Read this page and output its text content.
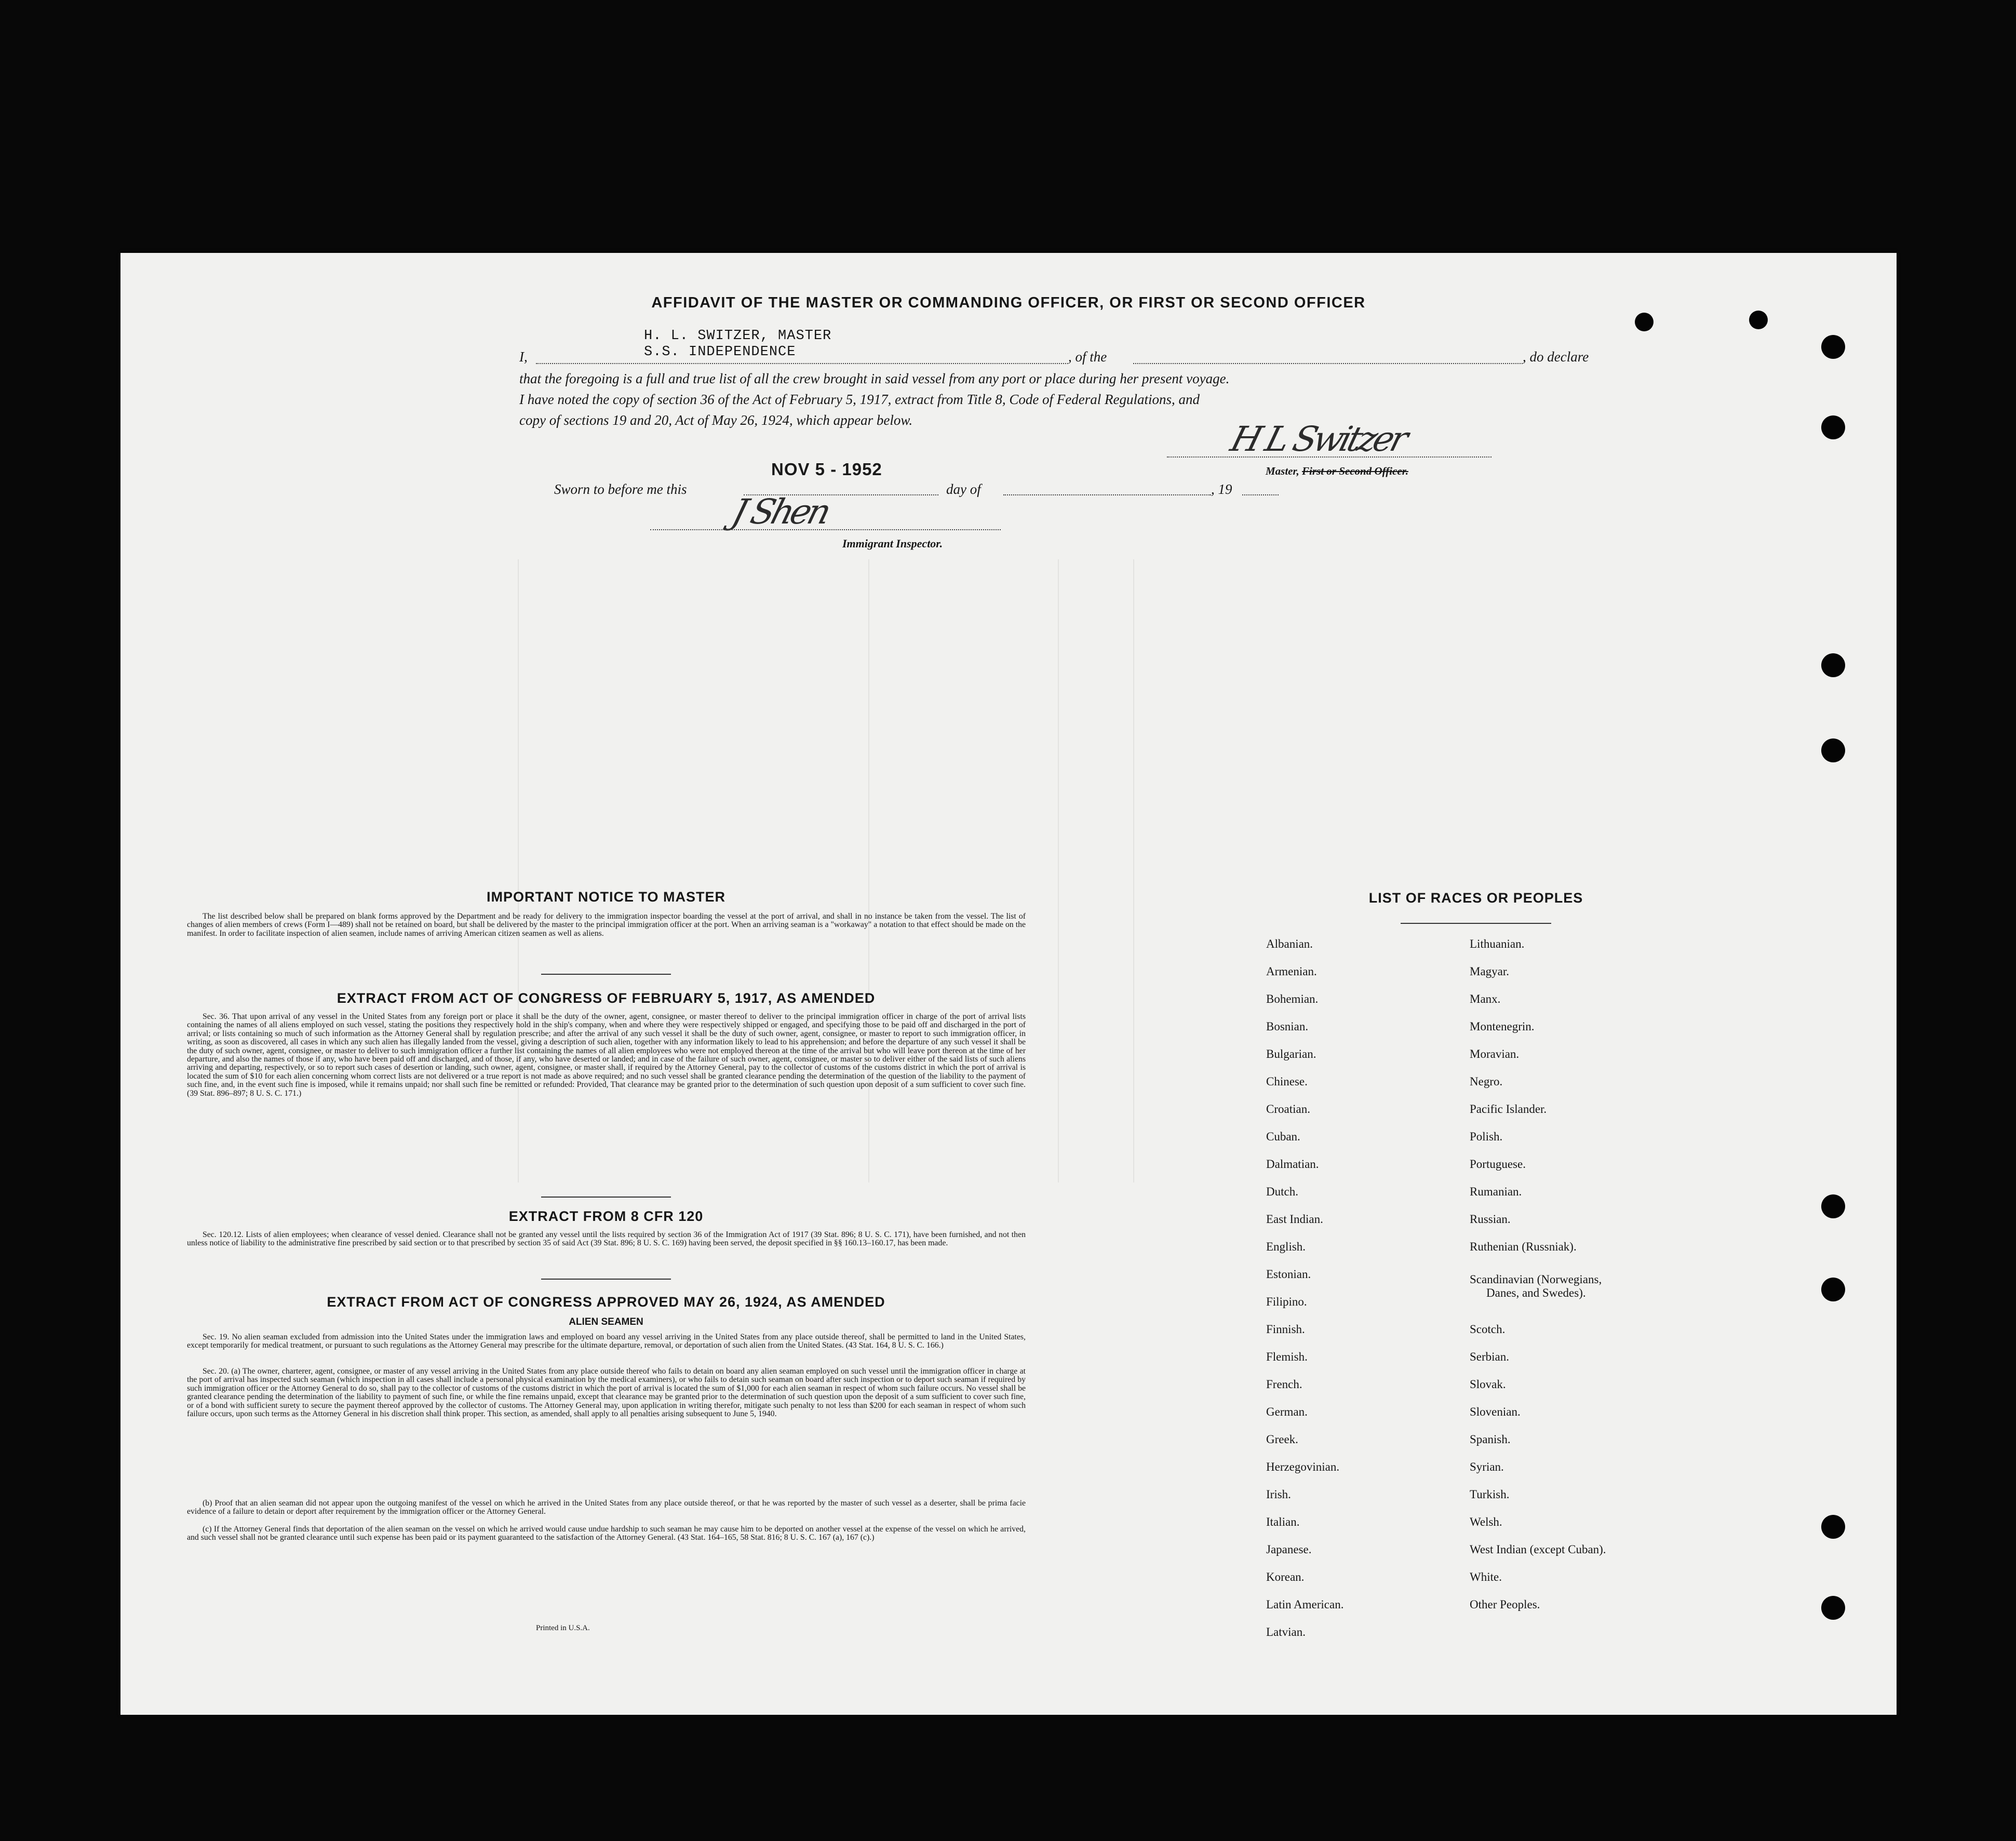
AFFIDAVIT OF THE MASTER OR COMMANDING OFFICER, OR FIRST OR SECOND OFFICER
H. L. SWITZER, MASTER
S.S. INDEPENDENCE
I,	, of the	, do declare
that the foregoing is a full and true list of all the crew brought in said vessel from any port or place during her present voyage.
I have noted the copy of section 36 of the Act of February 5, 1917, extract from Title 8, Code of Federal Regulations, and
copy of sections 19 and 20, Act of May 26, 1924, which appear below.	H L Switzer
Master, First or Second Officer.
NOV 5 - 1952
Sworn to before me this	day of	, 19
J Shen
Immigrant Inspector.
IMPORTANT NOTICE TO MASTER
The list described below shall be prepared on blank forms approved by the Department and be ready for delivery to the immigration inspector boarding the vessel at the port of arrival, and shall in no instance be taken from the vessel. The list of changes of alien members of crews (Form I—489) shall not be retained on board, but shall be delivered by the master to the principal immigration officer at the port. When an arriving seaman is a "workaway" a notation to that effect should be made on the manifest. In order to facilitate inspection of alien seamen, include names of arriving American citizen seamen as well as aliens.
EXTRACT FROM ACT OF CONGRESS OF FEBRUARY 5, 1917, AS AMENDED
Sec. 36. That upon arrival of any vessel in the United States from any foreign port or place it shall be the duty of the owner, agent, consignee, or master thereof to deliver to the principal immigration officer in charge of the port of arrival lists containing the names of all aliens employed on such vessel, stating the positions they respectively hold in the ship's company, when and where they were respectively shipped or engaged, and specifying those to be paid off and discharged in the port of arrival; or lists containing so much of such information as the Attorney General shall by regulation prescribe; and after the arrival of any such vessel it shall be the duty of such owner, agent, consignee, or master to report to such immigration officer, in writing, as soon as discovered, all cases in which any such alien has illegally landed from the vessel, giving a description of such alien, together with any information likely to lead to his apprehension; and before the departure of any such vessel it shall be the duty of such owner, agent, consignee, or master to deliver to such immigration officer a further list containing the names of all alien employees who were not employed thereon at the time of the arrival but who will leave port thereon at the time of her departure, and also the names of those if any, who have been paid off and discharged, and of those, if any, who have deserted or landed; and in case of the failure of such owner, agent, consignee, or master so to deliver either of the said lists of such aliens arriving and departing, respectively, or so to report such cases of desertion or landing, such owner, agent, consignee, or master shall, if required by the Attorney General, pay to the collector of customs of the customs district in which the port of arrival is located the sum of $10 for each alien concerning whom correct lists are not delivered or a true report is not made as above required; and no such vessel shall be granted clearance pending the determination of the question of the liability to the payment of such fine, and, in the event such fine is imposed, while it remains unpaid; nor shall such fine be remitted or refunded: Provided, That clearance may be granted prior to the determination of such question upon deposit of a sum sufficient to cover such fine. (39 Stat. 896–897; 8 U. S. C. 171.)
EXTRACT FROM 8 CFR 120
Sec. 120.12. Lists of alien employees; when clearance of vessel denied. Clearance shall not be granted any vessel until the lists required by section 36 of the Immigration Act of 1917 (39 Stat. 896; 8 U. S. C. 171), have been furnished, and not then unless notice of liability to the administrative fine prescribed by said section or to that prescribed by section 35 of said Act (39 Stat. 896; 8 U. S. C. 169) having been served, the deposit specified in §§ 160.13–160.17, has been made.
EXTRACT FROM ACT OF CONGRESS APPROVED MAY 26, 1924, AS AMENDED
ALIEN SEAMEN
Sec. 19. No alien seaman excluded from admission into the United States under the immigration laws and employed on board any vessel arriving in the United States from any place outside thereof, shall be permitted to land in the United States, except temporarily for medical treatment, or pursuant to such regulations as the Attorney General may prescribe for the ultimate departure, removal, or deportation of such alien from the United States. (43 Stat. 164, 8 U. S. C. 166.)
Sec. 20. (a) The owner, charterer, agent, consignee, or master of any vessel arriving in the United States from any place outside thereof who fails to detain on board any alien seaman employed on such vessel until the immigration officer in charge at the port of arrival has inspected such seaman (which inspection in all cases shall include a personal physical examination by the medical examiners), or who fails to detain such seaman on board after such inspection or to deport such seaman if required by such immigration officer or the Attorney General to do so, shall pay to the collector of customs of the customs district in which the port of arrival is located the sum of $1,000 for each alien seaman in respect of whom such failure occurs. No vessel shall be granted clearance pending the determination of the liability to payment of such fine, or while the fine remains unpaid, except that clearance may be granted prior to the determination of such question upon the deposit of a sum sufficient to cover such fine, or of a bond with sufficient surety to secure the payment thereof approved by the collector of customs. The Attorney General may, upon application in writing therefor, mitigate such penalty to not less than $200 for each seaman in respect of whom such failure occurs, upon such terms as the Attorney General in his discretion shall think proper. This section, as amended, shall apply to all penalties arising subsequent to June 5, 1940.
(b) Proof that an alien seaman did not appear upon the outgoing manifest of the vessel on which he arrived in the United States from any place outside thereof, or that he was reported by the master of such vessel as a deserter, shall be prima facie evidence of a failure to detain or deport after requirement by the immigration officer or the Attorney General.
(c) If the Attorney General finds that deportation of the alien seaman on the vessel on which he arrived would cause undue hardship to such seaman he may cause him to be deported on another vessel at the expense of the vessel on which he arrived, and such vessel shall not be granted clearance until such expense has been paid or its payment guaranteed to the satisfaction of the Attorney General. (43 Stat. 164–165, 58 Stat. 816; 8 U. S. C. 167 (a), 167 (c).)
Printed in U.S.A.
LIST OF RACES OR PEOPLES
Albanian.
Armenian.
Bohemian.
Bosnian.
Bulgarian.
Chinese.
Croatian.
Cuban.
Dalmatian.
Dutch.
East Indian.
English.
Estonian.
Filipino.
Finnish.
Flemish.
French.
German.
Greek.
Herzegovinian.
Irish.
Italian.
Japanese.
Korean.
Latin American.
Latvian.
Lithuanian.
Magyar.
Manx.
Montenegrin.
Moravian.
Negro.
Pacific Islander.
Polish.
Portuguese.
Rumanian.
Russian.
Ruthenian (Russniak).
Scandinavian (Norwegians,
Danes, and Swedes).
Scotch.
Serbian.
Slovak.
Slovenian.
Spanish.
Syrian.
Turkish.
Welsh.
West Indian (except Cuban).
White.
Other Peoples.
